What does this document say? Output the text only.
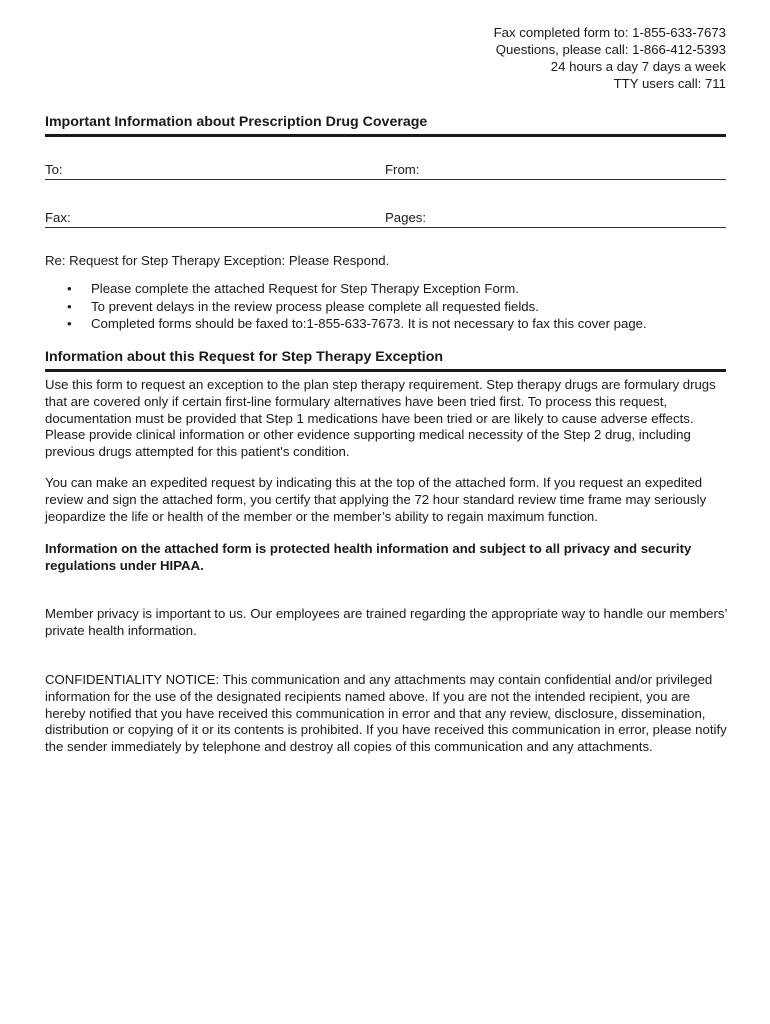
Fax completed form to: 1-855-633-7673
Questions, please call: 1-866-412-5393
24 hours a day 7 days a week
TTY users call: 711
Important Information about Prescription Drug Coverage
To:	From:
Fax:	Pages:
Re: Request for Step Therapy Exception: Please Respond.
• Please complete the attached Request for Step Therapy Exception Form.
• To prevent delays in the review process please complete all requested fields.
• Completed forms should be faxed to:1-855-633-7673. It is not necessary to fax this cover page.
Information about this Request for Step Therapy Exception

Use this form to request an exception to the plan step therapy requirement. Step therapy drugs are formulary drugs that are covered only if certain first-line formulary alternatives have been tried first. To process this request, documentation must be provided that Step 1 medications have been tried or are likely to cause adverse effects. Please provide clinical information or other evidence supporting medical necessity of the Step 2 drug, including previous drugs attempted for this patient's condition.

You can make an expedited request by indicating this at the top of the attached form. If you request an expedited review and sign the attached form, you certify that applying the 72 hour standard review time frame may seriously jeopardize the life or health of the member or the member’s ability to regain maximum function.

Information on the attached form is protected health information and subject to all privacy and security regulations under HIPAA.

Member privacy is important to us. Our employees are trained regarding the appropriate way to handle our members’ private health information.

CONFIDENTIALITY NOTICE: This communication and any attachments may contain confidential and/or privileged information for the use of the designated recipients named above. If you are not the intended recipient, you are hereby notified that you have received this communication in error and that any review, disclosure, dissemination, distribution or copying of it or its contents is prohibited. If you have received this communication in error, please notify the sender immediately by telephone and destroy all copies of this communication and any attachments.
